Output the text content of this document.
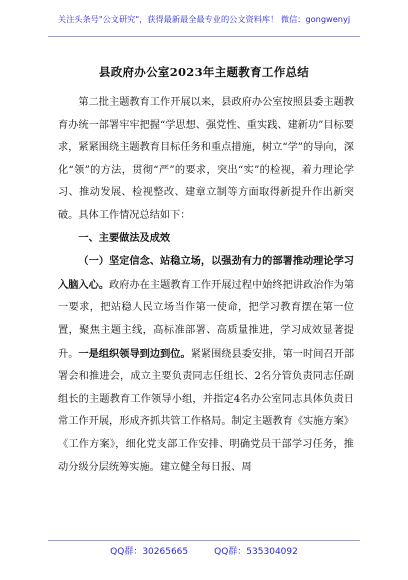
关注头条号"公文研究"，获得最新最全最专业的公文资料库！ 微信：gongwenyj
县政府办公室2023年主题教育工作总结

第二批主题教育工作开展以来，县政府办公室按照县委主题教育办统一部署牢牢把握“学思想、强党性、重实践、建新功”目标要求，紧紧围绕主题教育目标任务和重点措施，树立“学”的导向，深化“领”的方法，贯彻“严”的要求，突出“实”的检视，着力理论学习、推动发展、检视整改、建章立制等方面取得新提升作出新突破。具体工作情况总结如下：

一、主要做法及成效

（一）坚定信念、站稳立场，以强劲有力的部署推动理论学习入脑入心。政府办在主题教育工作开展过程中始终把讲政治作为第一要求，把站稳人民立场当作第一使命，把学习教育摆在第一位置，聚焦主题主线，高标准部署、高质量推进，学习成效显著提升。一是组织领导到边到位。紧紧围绕县委安排，第一时间召开部署会和推进会，成立主要负责同志任组长、2名分管负责同志任副组长的主题教育工作领导小组，并指定4名办公室同志具体负责日常工作开展，形成齐抓共管工作格局。制定主题教育《实施方案》《工作方案》，细化党支部工作安排、明确党员干部学习任务，推动分级分层统筹实施。建立健全每日报、周

QQ群：30265665	QQ群：535304092
